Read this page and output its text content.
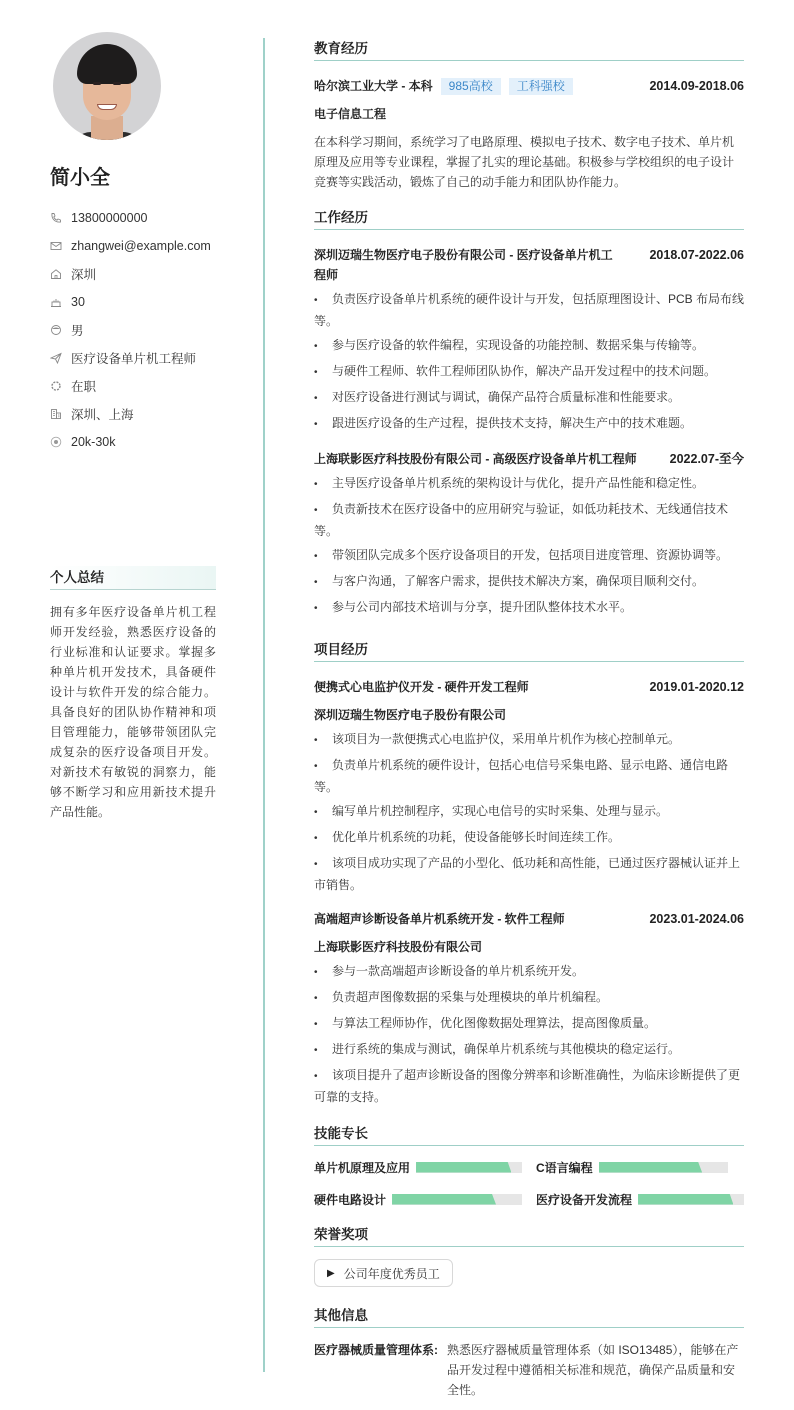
简小全
13800000000
zhangwei@example.com
深圳
30
男
医疗设备单片机工程师
在职
深圳、上海
20k-30k
个人总结
拥有多年医疗设备单片机工程师开发经验，熟悉医疗设备的行业标准和认证要求。掌握多种单片机开发技术，具备硬件设计与软件开发的综合能力。具备良好的团队协作精神和项目管理能力，能够带领团队完成复杂的医疗设备项目开发。对新技术有敏锐的洞察力，能够不断学习和应用新技术提升产品性能。
教育经历
哈尔滨工业大学 - 本科	985高校	工科强校	2014.09-2018.06
电子信息工程
在本科学习期间，系统学习了电路原理、模拟电子技术、数字电子技术、单片机原理及应用等专业课程，掌握了扎实的理论基础。积极参与学校组织的电子设计竞赛等实践活动，锻炼了自己的动手能力和团队协作能力。
工作经历
深圳迈瑞生物医疗电子股份有限公司 - 医疗设备单片机工程师
2018.07-2022.06
• 负责医疗设备单片机系统的硬件设计与开发，包括原理图设计、PCB 布局布线等。
• 参与医疗设备的软件编程，实现设备的功能控制、数据采集与传输等。
• 与硬件工程师、软件工程师团队协作，解决产品开发过程中的技术问题。
• 对医疗设备进行测试与调试，确保产品符合质量标准和性能要求。
• 跟进医疗设备的生产过程，提供技术支持，解决生产中的技术难题。
上海联影医疗科技股份有限公司 - 高级医疗设备单片机工程师	2022.07-至今
• 主导医疗设备单片机系统的架构设计与优化，提升产品性能和稳定性。
• 负责新技术在医疗设备中的应用研究与验证，如低功耗技术、无线通信技术等。
• 带领团队完成多个医疗设备项目的开发，包括项目进度管理、资源协调等。
• 与客户沟通，了解客户需求，提供技术解决方案，确保项目顺利交付。
• 参与公司内部技术培训与分享，提升团队整体技术水平。
项目经历
便携式心电监护仪开发 - 硬件开发工程师	2019.01-2020.12
深圳迈瑞生物医疗电子股份有限公司
• 该项目为一款便携式心电监护仪，采用单片机作为核心控制单元。
• 负责单片机系统的硬件设计，包括心电信号采集电路、显示电路、通信电路等。
• 编写单片机控制程序，实现心电信号的实时采集、处理与显示。
• 优化单片机系统的功耗，使设备能够长时间连续工作。
• 该项目成功实现了产品的小型化、低功耗和高性能，已通过医疗器械认证并上市销售。
高端超声诊断设备单片机系统开发 - 软件工程师	2023.01-2024.06
上海联影医疗科技股份有限公司
• 参与一款高端超声诊断设备的单片机系统开发。
• 负责超声图像数据的采集与处理模块的单片机编程。
• 与算法工程师协作，优化图像数据处理算法，提高图像质量。
• 进行系统的集成与测试，确保单片机系统与其他模块的稳定运行。
• 该项目提升了超声诊断设备的图像分辨率和诊断准确性，为临床诊断提供了更可靠的支持。
技能专长
单片机原理及应用	C语言编程
硬件电路设计	医疗设备开发流程
荣誉奖项
▶ 公司年度优秀员工
其他信息
医疗器械质量管理体系: 熟悉医疗器械质量管理体系（如 ISO13485），能够在产品开发过程中遵循相关标准和规范，确保产品质量和安全性。
